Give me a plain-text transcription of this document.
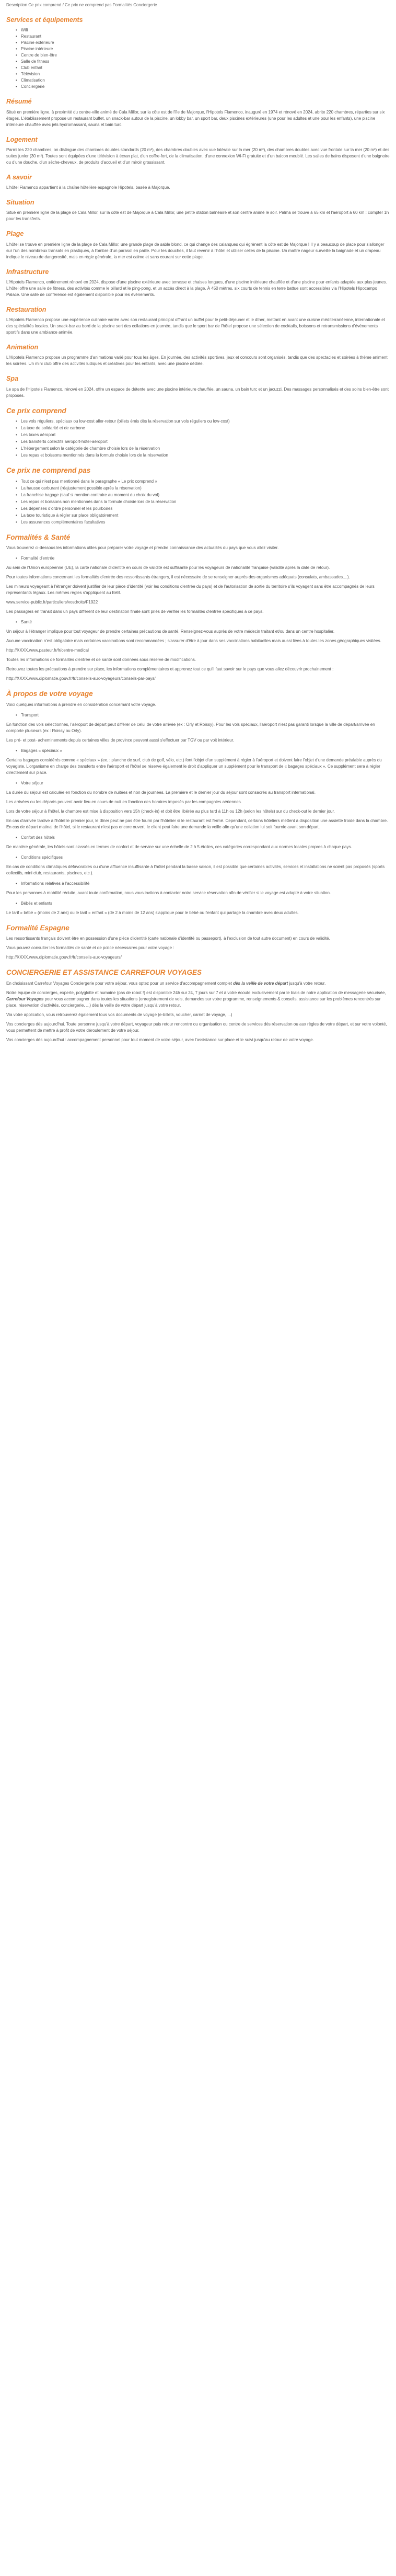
Description Ce prix comprend / Ce prix ne comprend pas Formalités Conciergerie

Services et équipements
• Wifi
• Restaurant
• Piscine extérieure
• Piscine intérieure
• Centre de bien-être
• Salle de fitness
• Club enfant
• Télévision
• Climatisation
• Conciergerie
Résumé

Situé en première ligne, à proximité du centre-ville animé de Cala Millor, sur la côte est de l'île de Majorque, l'Hipotels Flamenco, inauguré en 1974 et rénové en 2024, abrite 220 chambres, réparties sur six étages. L'établissement propose un restaurant buffet, un snack-bar autour de la piscine, un lobby bar, un sport bar, deux piscines extérieures (une pour les adultes et une pour les enfants), une piscine intérieure chauffée avec jets hydromassant, sauna et bain turc.

Logement

Parmi les 220 chambres, on distingue des chambres doubles standards (20 m²), des chambres doubles avec vue latérale sur la mer (20 m²), des chambres doubles avec vue frontale sur la mer (20 m²) et des suites junior (30 m²). Toutes sont équipées d'une télévision à écran plat, d'un coffre-fort, de la climatisation, d'une connexion Wi-Fi gratuite et d'un balcon meublé. Les salles de bains disposent d'une baignoire ou d'une douche, d'un sèche-cheveux, de produits d'accueil et d'un miroir grossissant.

A savoir

L'hôtel Flamenco appartient à la chaîne hôtelière espagnole Hipotels, basée à Majorque.

Situation

Situé en première ligne de la plage de Cala Millor, sur la côte est de Majorque à Cala Millor, une petite station balnéaire et son centre animé le soir. Palma se trouve à 65 km et l'aéroport à 60 km : compter 1h pour les transferts.

Plage

L'hôtel se trouve en première ligne de la plage de Cala Millor, une grande plage de sable blond, ce qui change des calanques qui égrènent la côte est de Majorque ! Il y a beaucoup de place pour s'allonger sur l'un des nombreux transats en plastiques, à l'ombre d'un parasol en paille. Pour les douches, il faut revenir à l'hôtel et utiliser celles de la piscine. Un maître nageur surveille la baignade et un drapeau indique le niveau de dangerosité, mais en règle générale, la mer est calme et sans courant sur cette plage.

Infrastructure

L'Hipotels Flamenco, entièrement rénové en 2024, dispose d'une piscine extérieure avec terrasse et chaises longues, d'une piscine intérieure chauffée et d'une piscine pour enfants adaptée aux plus jeunes. L'hôtel offre une salle de fitness, des activités comme le billard et le ping-pong, et un accès direct à la plage. À 450 mètres, six courts de tennis en terre battue sont accessibles via l'Hipotels Hipocampo Palace. Une salle de conférence est également disponible pour les événements.

Restauration

L'Hipotels Flamenco propose une expérience culinaire variée avec son restaurant principal offrant un buffet pour le petit-déjeuner et le dîner, mettant en avant une cuisine méditerranéenne, internationale et des spécialités locales. Un snack-bar au bord de la piscine sert des collations en journée, tandis que le sport bar de l'hôtel propose une sélection de cocktails, boissons et retransmissions d'événements sportifs dans une ambiance animée.

Animation

L'Hipotels Flamenco propose un programme d'animations varié pour tous les âges. En journée, des activités sportives, jeux et concours sont organisés, tandis que des spectacles et soirées à thème animent les soirées. Un mini club offre des activités ludiques et créatives pour les enfants, avec une piscine dédiée.

Spa

Le spa de l'Hipotels Flamenco, rénové en 2024, offre un espace de détente avec une piscine intérieure chauffée, un sauna, un bain turc et un jacuzzi. Des massages personnalisés et des soins bien-être sont proposés.

Ce prix comprend
• Les vols réguliers, spéciaux ou low-cost aller-retour (billets émis dès la réservation sur vols réguliers ou low-cost)
• La taxe de solidarité et de carbone
• Les taxes aéroport
• Les transferts collectifs aéroport-hôtel-aéroport
• L'hébergement selon la catégorie de chambre choisie lors de la réservation
• Les repas et boissons mentionnés dans la formule choisie lors de la réservation
Ce prix ne comprend pas
• Tout ce qui n'est pas mentionné dans le paragraphe « Le prix comprend »
• La hausse carburant (réajustement possible après la réservation)
• La franchise bagage (sauf si mention contraire au moment du choix du vol)
• Les repas et boissons non mentionnés dans la formule choisie lors de la réservation
• Les dépenses d'ordre personnel et les pourboires
• La taxe touristique à régler sur place obligatoirement
• Les assurances complémentaires facultatives
Formalités & Santé

Vous trouverez ci-dessous les informations utiles pour préparer votre voyage et prendre connaissance des actualités du pays que vous allez visiter.

• Formalité d'entrée

Au sein de l'Union européenne (UE), la carte nationale d'identité en cours de validité est suffisante pour les voyageurs de nationalité française (validité après la date de retour).

Pour toutes informations concernant les formalités d'entrée des ressortissants étrangers, il est nécessaire de se renseigner auprès des organismes adéquats (consulats, ambassades....).

Les mineurs voyageant à l'étranger doivent justifier de leur pièce d'identité (voir les conditions d'entrée du pays) et de l'autorisation de sortie du territoire s'ils voyagent sans être accompagnés de leurs représentants légaux. Les mêmes règles s'appliquent au BéB.

www.service-public.fr/particuliers/vosdroits/F1922

Les passagers en transit dans un pays différent de leur destination finale sont priés de vérifier les formalités d'entrée spécifiques à ce pays.

• Santé

Un séjour à l'étranger implique pour tout voyageur de prendre certaines précautions de santé. Renseignez-vous auprès de votre médecin traitant et/ou dans un centre hospitalier.

Aucune vaccination n'est obligatoire mais certaines vaccinations sont recommandées ; s'assurer d'être à jour dans ses vaccinations habituelles mais aussi liées à toutes les zones géographiques visitées.

http://XXXX.www.pasteur.fr/fr/centre-medical

Toutes les informations de formalités d'entrée et de santé sont données sous réserve de modifications.

Retrouvez toutes les précautions à prendre sur place, les informations complémentaires et apprenez tout ce qu'il faut savoir sur le pays que vous allez découvrir prochainement :

http://XXXX.www.diplomatie.gouv.fr/fr/conseils-aux-voyageurs/conseils-par-pays/

À propos de votre voyage

Voici quelques informations à prendre en considération concernant votre voyage.

• Transport

En fonction des vols sélectionnés, l'aéroport de départ peut différer de celui de votre arrivée (ex : Orly et Roissy). Pour les vols spéciaux, l'aéroport n'est pas garanti lorsque la ville de départ/arrivée en comporte plusieurs (ex : Roissy ou Orly).

Les pré- et post- acheminements depuis certaines villes de province peuvent aussi s'effectuer par TGV ou par voit intérieur.

• Bagages « spéciaux »

Certains bagages considérés comme « spéciaux » (ex. : planche de surf, club de golf, vélo, etc.) font l'objet d'un supplément à régler à l'aéroport et doivent faire l'objet d'une demande préalable auprès du voyagiste. L'organisme en charge des transferts entre l'aéroport et l'hôtel se réserve également le droit d'appliquer un supplément pour le transport de « bagages spéciaux ». Ce supplément sera à régler directement sur place.

• Votre séjour

La durée du séjour est calculée en fonction du nombre de nuitées et non de journées. La première et le dernier jour du séjour sont consacrés au transport international.

Les arrivées ou les départs peuvent avoir lieu en cours de nuit en fonction des horaires imposés par les compagnies aériennes.

Lors de votre séjour à l'hôtel, la chambre est mise à disposition vers 15h (check-in) et doit être libérée au plus tard à 11h ou 12h (selon les hôtels) sur du check-out le dernier jour.

En cas d'arrivée tardive à l'hôtel le premier jour, le dîner peut ne pas être fourni par l'hôtelier si le restaurant est fermé. Cependant, certains hôteliers mettent à disposition une assiette froide dans la chambre. En cas de départ matinal de l'hôtel, si le restaurant n'est pas encore ouvert, le client peut faire une demande la veille afin qu'une collation lui soit fournie avant son départ.

• Confort des hôtels

De manière générale, les hôtels sont classés en termes de confort et de service sur une échelle de 2 à 5 étoiles, ces catégories correspondant aux normes locales propres à chaque pays.

• Conditions spécifiques

En cas de conditions climatiques défavorables ou d'une affluence insuffisante à l'hôtel pendant la basse saison, il est possible que certaines activités, services et installations ne soient pas proposés (sports collectifs, mini club, restaurants, piscines, etc.).

• Informations relatives à l'accessibilité

Pour les personnes à mobilité réduite, avant toute confirmation, nous vous invitons à contacter notre service réservation afin de vérifier si le voyage est adapté à votre situation.

• Bébés et enfants

Le tarif « bébé » (moins de 2 ans) ou le tarif « enfant » (de 2 à moins de 12 ans) s'applique pour le bébé ou l'enfant qui partage la chambre avec deux adultes.

Formalité Espagne

Les ressortissants français doivent être en possession d'une pièce d'identité (carte nationale d'identité ou passeport), à l'exclusion de tout autre document) en cours de validité.

Vous pouvez consulter les formalités de santé et de police nécessaires pour votre voyage :

http://XXXX.www.diplomatie.gouv.fr/fr/conseils-aux-voyageurs/

CONCIERGERIE ET ASSISTANCE CARREFOUR VOYAGES

En choisissant Carrefour Voyages Conciergerie pour votre séjour, vous optez pour un service d'accompagnement complet dès la veille de votre départ jusqu'à votre retour.

Notre équipe de concierges, experte, polyglotte et humaine (pas de robot !) est disponible 24h sur 24, 7 jours sur 7 et à votre écoute exclusivement par le biais de notre application de messagerie sécurisée, Carrefour Voyages pour vous accompagner dans toutes les situations (enregistrement de vols, demandes sur votre programme, renseignements & conseils, assistance sur les problèmes rencontrés sur place, réservation d'activités, conciergerie, ...) dès la veille de votre départ jusqu'à votre retour.

Via votre application, vous retrouverez également tous vos documents de voyage (e-billets, voucher, carnet de voyage, ...)

Vos concierges dès aujourd'hui. Toute personne jusqu'à votre départ, voyageur puis retour rencontre ou organisation ou centre de services dès réservation ou aux règles de votre départ, et sur votre volonté, vous permettent de mettre à profit de votre déroulement de votre séjour.

Vos concierges dès aujourd'hui : accompagnement personnel pour tout moment de votre séjour, avec l'assistance sur place et le suivi jusqu'au retour de votre voyage.
